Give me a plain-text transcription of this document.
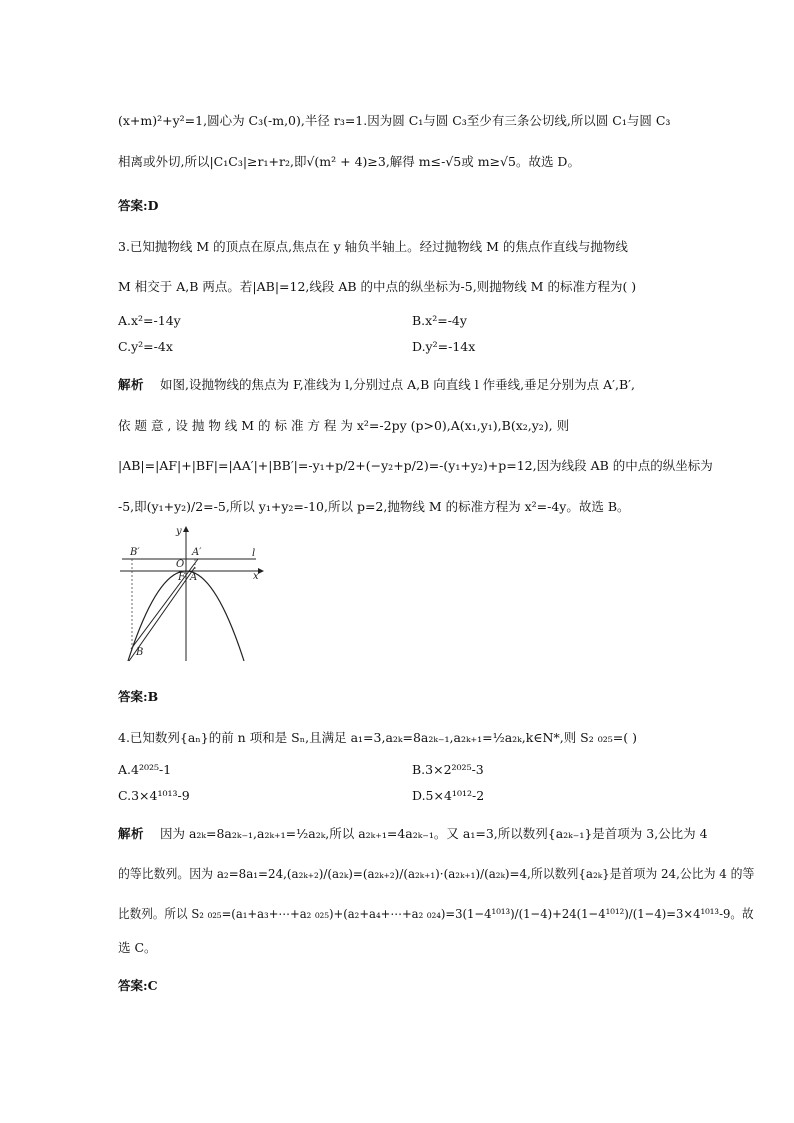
(x+m)²+y²=1,圆心为 C₃(-m,0),半径 r₃=1.因为圆 C₁与圆 C₃至少有三条公切线,所以圆 C₁与圆 C₃
相离或外切,所以|C₁C₃|≥r₁+r₂,即√(m² + 4)≥3,解得 m≤-√5或 m≥√5。故选 D。
答案:D
3.已知抛物线 M 的顶点在原点,焦点在 y 轴负半轴上。经过抛物线 M 的焦点作直线与抛物线
M 相交于 A,B 两点。若|AB|=12,线段 AB 的中点的纵坐标为-5,则抛物线 M 的标准方程为( )
A.x²=-14y	B.x²=-4y
C.y²=-4x	D.y²=-14x
解析 如图,设抛物线的焦点为 F,准线为 l,分别过点 A,B 向直线 l 作垂线,垂足分别为点 A′,B′,
依 题 意 , 设 抛 物 线 M 的 标 准 方 程 为 x²=-2py (p>0),A(x₁,y₁),B(x₂,y₂), 则
|AB|=|AF|+|BF|=|AA′|+|BB′|=-y₁+p/2+(−y₂+p/2)=-(y₁+y₂)+p=12,因为线段 AB 的中点的纵坐标为
-5,即(y₁+y₂)/2=-5,所以 y₁+y₂=-10,所以 p=2,抛物线 M 的标准方程为 x²=-4y。故选 B。
y
x
l
O
F A
A′
B
B′
答案:B
4.已知数列{aₙ}的前 n 项和是 Sₙ,且满足 a₁=3,a₂ₖ=8a₂ₖ₋₁,a₂ₖ₊₁=½a₂ₖ,k∈N*,则 S₂ ₀₂₅=( )
A.4²⁰²⁵-1	B.3×2²⁰²⁵-3
C.3×4¹⁰¹³-9	D.5×4¹⁰¹²-2
解析 因为 a₂ₖ=8a₂ₖ₋₁,a₂ₖ₊₁=½a₂ₖ,所以 a₂ₖ₊₁=4a₂ₖ₋₁。又 a₁=3,所以数列{a₂ₖ₋₁}是首项为 3,公比为 4
的等比数列。因为 a₂=8a₁=24,(a₂ₖ₊₂)/(a₂ₖ)=(a₂ₖ₊₂)/(a₂ₖ₊₁)·(a₂ₖ₊₁)/(a₂ₖ)=4,所以数列{a₂ₖ}是首项为 24,公比为 4 的等
比数列。所以 S₂ ₀₂₅=(a₁+a₃+⋯+a₂ ₀₂₅)+(a₂+a₄+⋯+a₂ ₀₂₄)=3(1−4¹⁰¹³)/(1−4)+24(1−4¹⁰¹²)/(1−4)=3×4¹⁰¹³-9。故
选 C。
答案:C
